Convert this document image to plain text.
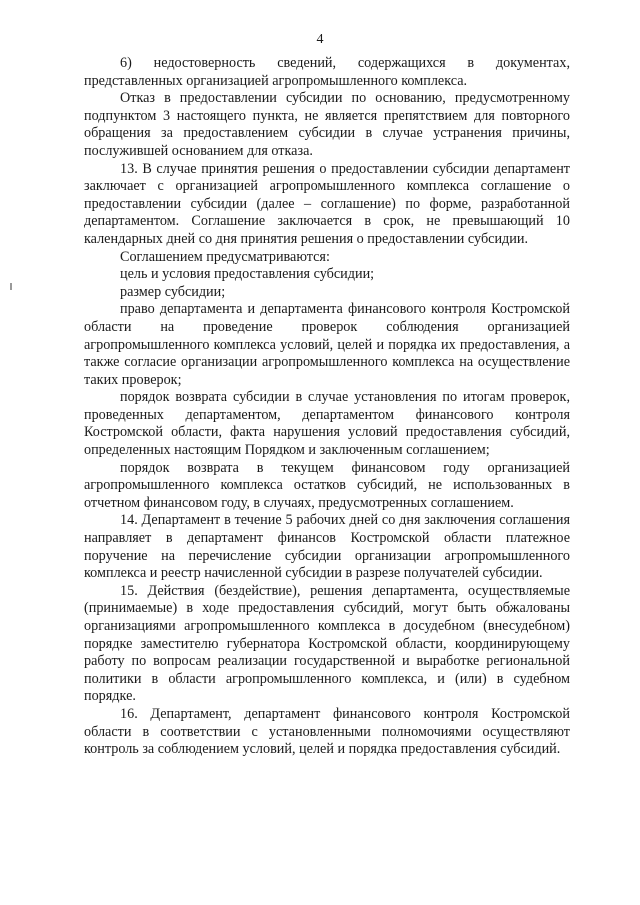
4

6) недостоверность сведений, содержащихся в документах, представленных организацией агропромышленного комплекса.

Отказ в предоставлении субсидии по основанию, предусмотренному подпунктом 3 настоящего пункта, не является препятствием для повторного обращения за предоставлением субсидии в случае устранения причины, послужившей основанием для отказа.

13. В случае принятия решения о предоставлении субсидии департамент заключает с организацией агропромышленного комплекса соглашение о предоставлении субсидии (далее – соглашение) по форме, разработанной департаментом. Соглашение заключается в срок, не превышающий 10 календарных дней со дня принятия решения о предоставлении субсидии.

Соглашением предусматриваются:

цель и условия предоставления субсидии;

размер субсидии;

право департамента и департамента финансового контроля Костромской области на проведение проверок соблюдения организацией агропромышленного комплекса условий, целей и порядка их предоставления, а также согласие организации агропромышленного комплекса на осуществление таких проверок;

порядок возврата субсидии в случае установления по итогам проверок, проведенных департаментом, департаментом финансового контроля Костромской области, факта нарушения условий предоставления субсидий, определенных настоящим Порядком и заключенным соглашением;

порядок возврата в текущем финансовом году организацией агропромышленного комплекса остатков субсидий, не использованных в отчетном финансовом году, в случаях, предусмотренных соглашением.

14. Департамент в течение 5 рабочих дней со дня заключения соглашения направляет в департамент финансов Костромской области платежное поручение на перечисление субсидии организации агропромышленного комплекса и реестр начисленной субсидии в разрезе получателей субсидии.

15. Действия (бездействие), решения департамента, осуществляемые (принимаемые) в ходе предоставления субсидий, могут быть обжалованы организациями агропромышленного комплекса в досудебном (внесудебном) порядке заместителю губернатора Костромской области, координирующему работу по вопросам реализации государственной и выработке региональной политики в области агропромышленного комплекса, и (или) в судебном порядке.

16. Департамент, департамент финансового контроля Костромской области в соответствии с установленными полномочиями осуществляют контроль за соблюдением условий, целей и порядка предоставления субсидий.
